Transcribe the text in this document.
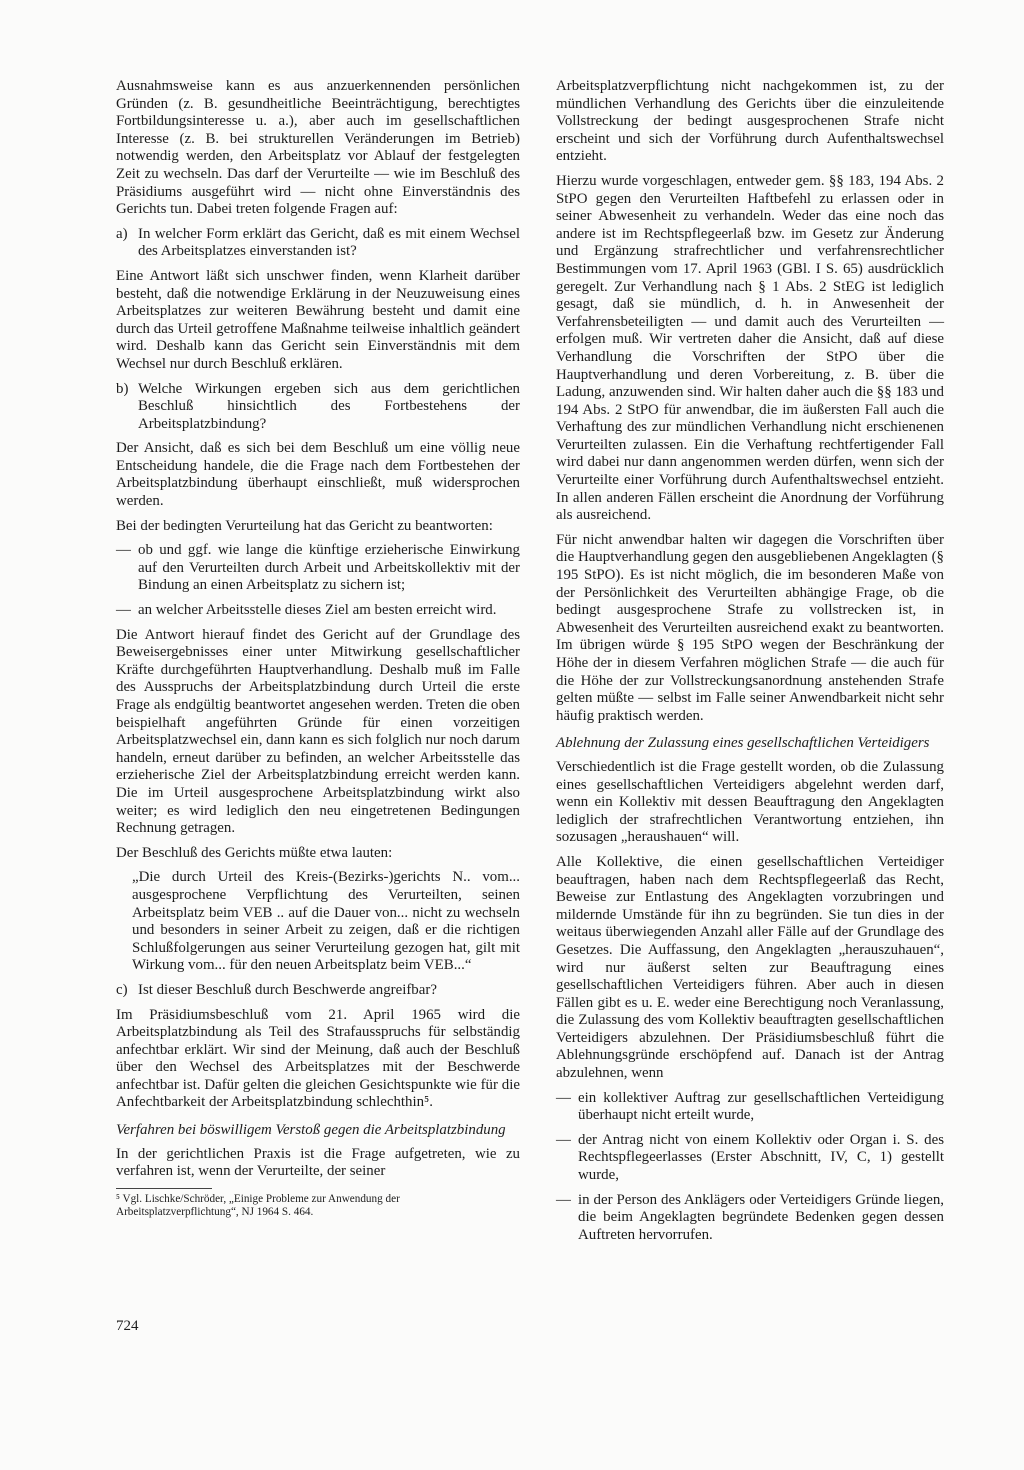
Ausnahmsweise kann es aus anzuerkennenden persönlichen Gründen (z. B. gesundheitliche Beeinträchtigung, berechtigtes Fortbildungsinteresse u. a.), aber auch im gesellschaftlichen Interesse (z. B. bei strukturellen Veränderungen im Betrieb) notwendig werden, den Arbeitsplatz vor Ablauf der festgelegten Zeit zu wechseln. Das darf der Verurteilte — wie im Beschluß des Präsidiums ausgeführt wird — nicht ohne Einverständnis des Gerichts tun. Dabei treten folgende Fragen auf:

a) In welcher Form erklärt das Gericht, daß es mit einem Wechsel des Arbeitsplatzes einverstanden ist?

Eine Antwort läßt sich unschwer finden, wenn Klarheit darüber besteht, daß die notwendige Erklärung in der Neuzuweisung eines Arbeitsplatzes zur weiteren Bewährung besteht und damit eine durch das Urteil getroffene Maßnahme teilweise inhaltlich geändert wird. Deshalb kann das Gericht sein Einverständnis mit dem Wechsel nur durch Beschluß erklären.

b) Welche Wirkungen ergeben sich aus dem gerichtlichen Beschluß hinsichtlich des Fortbestehens der Arbeitsplatzbindung?

Der Ansicht, daß es sich bei dem Beschluß um eine völlig neue Entscheidung handele, die die Frage nach dem Fortbestehen der Arbeitsplatzbindung überhaupt einschließt, muß widersprochen werden.

Bei der bedingten Verurteilung hat das Gericht zu beantworten:

— ob und ggf. wie lange die künftige erzieherische Einwirkung auf den Verurteilten durch Arbeit und Arbeitskollektiv mit der Bindung an einen Arbeitsplatz zu sichern ist;
— an welcher Arbeitsstelle dieses Ziel am besten erreicht wird.

Die Antwort hierauf findet des Gericht auf der Grundlage des Beweisergebnisses einer unter Mitwirkung gesellschaftlicher Kräfte durchgeführten Hauptverhandlung. Deshalb muß im Falle des Ausspruchs der Arbeitsplatzbindung durch Urteil die erste Frage als endgültig beantwortet angesehen werden. Treten die oben beispielhaft angeführten Gründe für einen vorzeitigen Arbeitsplatzwechsel ein, dann kann es sich folglich nur noch darum handeln, erneut darüber zu befinden, an welcher Arbeitsstelle das erzieherische Ziel der Arbeitsplatzbindung erreicht werden kann. Die im Urteil ausgesprochene Arbeitsplatzbindung wirkt also weiter; es wird lediglich den neu eingetretenen Bedingungen Rechnung getragen.

Der Beschluß des Gerichts müßte etwa lauten:

„Die durch Urteil des Kreis-(Bezirks-)gerichts N.. vom... ausgesprochene Verpflichtung des Verurteilten, seinen Arbeitsplatz beim VEB .. auf die Dauer von... nicht zu wechseln und besonders in seiner Arbeit zu zeigen, daß er die richtigen Schlußfolgerungen aus seiner Verurteilung gezogen hat, gilt mit Wirkung vom... für den neuen Arbeitsplatz beim VEB...“

c) Ist dieser Beschluß durch Beschwerde angreifbar?

Im Präsidiumsbeschluß vom 21. April 1965 wird die Arbeitsplatzbindung als Teil des Strafausspruchs für selbständig anfechtbar erklärt. Wir sind der Meinung, daß auch der Beschluß über den Wechsel des Arbeitsplatzes mit der Beschwerde anfechtbar ist. Dafür gelten die gleichen Gesichtspunkte wie für die Anfechtbarkeit der Arbeitsplatzbindung schlechthin⁵.

Verfahren bei böswilligem Verstoß gegen die Arbeitsplatzbindung

In der gerichtlichen Praxis ist die Frage aufgetreten, wie zu verfahren ist, wenn der Verurteilte, der seiner

⁵ Vgl. Lischke/Schröder, „Einige Probleme zur Anwendung der Arbeitsplatzverpflichtung“, NJ 1964 S. 464.

Arbeitsplatzverpflichtung nicht nachgekommen ist, zu der mündlichen Verhandlung des Gerichts über die einzuleitende Vollstreckung der bedingt ausgesprochenen Strafe nicht erscheint und sich der Vorführung durch Aufenthaltswechsel entzieht.

Hierzu wurde vorgeschlagen, entweder gem. §§ 183, 194 Abs. 2 StPO gegen den Verurteilten Haftbefehl zu erlassen oder in seiner Abwesenheit zu verhandeln. Weder das eine noch das andere ist im Rechtspflegeerlaß bzw. im Gesetz zur Änderung und Ergänzung strafrechtlicher und verfahrensrechtlicher Bestimmungen vom 17. April 1963 (GBl. I S. 65) ausdrücklich geregelt. Zur Verhandlung nach § 1 Abs. 2 StEG ist lediglich gesagt, daß sie mündlich, d. h. in Anwesenheit der Verfahrensbeteiligten — und damit auch des Verurteilten — erfolgen muß. Wir vertreten daher die Ansicht, daß auf diese Verhandlung die Vorschriften der StPO über die Hauptverhandlung und deren Vorbereitung, z. B. über die Ladung, anzuwenden sind. Wir halten daher auch die §§ 183 und 194 Abs. 2 StPO für anwendbar, die im äußersten Fall auch die Verhaftung des zur mündlichen Verhandlung nicht erschienenen Verurteilten zulassen. Ein die Verhaftung rechtfertigender Fall wird dabei nur dann angenommen werden dürfen, wenn sich der Verurteilte einer Vorführung durch Aufenthaltswechsel entzieht. In allen anderen Fällen erscheint die Anordnung der Vorführung als ausreichend.

Für nicht anwendbar halten wir dagegen die Vorschriften über die Hauptverhandlung gegen den ausgebliebenen Angeklagten (§ 195 StPO). Es ist nicht möglich, die im besonderen Maße von der Persönlichkeit des Verurteilten abhängige Frage, ob die bedingt ausgesprochene Strafe zu vollstrecken ist, in Abwesenheit des Verurteilten ausreichend exakt zu beantworten. Im übrigen würde § 195 StPO wegen der Beschränkung der Höhe der in diesem Verfahren möglichen Strafe — die auch für die Höhe der zur Vollstreckungsanordnung anstehenden Strafe gelten müßte — selbst im Falle seiner Anwendbarkeit nicht sehr häufig praktisch werden.

Ablehnung der Zulassung eines gesellschaftlichen Verteidigers

Verschiedentlich ist die Frage gestellt worden, ob die Zulassung eines gesellschaftlichen Verteidigers abgelehnt werden darf, wenn ein Kollektiv mit dessen Beauftragung den Angeklagten lediglich der strafrechtlichen Verantwortung entziehen, ihn sozusagen „heraushauen“ will.

Alle Kollektive, die einen gesellschaftlichen Verteidiger beauftragen, haben nach dem Rechtspflegeerlaß das Recht, Beweise zur Entlastung des Angeklagten vorzubringen und mildernde Umstände für ihn zu begründen. Sie tun dies in der weitaus überwiegenden Anzahl aller Fälle auf der Grundlage des Gesetzes. Die Auffassung, den Angeklagten „herauszuhauen“, wird nur äußerst selten zur Beauftragung eines gesellschaftlichen Verteidigers führen. Aber auch in diesen Fällen gibt es u. E. weder eine Berechtigung noch Veranlassung, die Zulassung des vom Kollektiv beauftragten gesellschaftlichen Verteidigers abzulehnen. Der Präsidiumsbeschluß führt die Ablehnungsgründe erschöpfend auf. Danach ist der Antrag abzulehnen, wenn

— ein kollektiver Auftrag zur gesellschaftlichen Verteidigung überhaupt nicht erteilt wurde,
— der Antrag nicht von einem Kollektiv oder Organ i. S. des Rechtspflegeerlasses (Erster Abschnitt, IV, C, 1) gestellt wurde,
— in der Person des Anklägers oder Verteidigers Gründe liegen, die beim Angeklagten begründete Bedenken gegen dessen Auftreten hervorrufen.
724
